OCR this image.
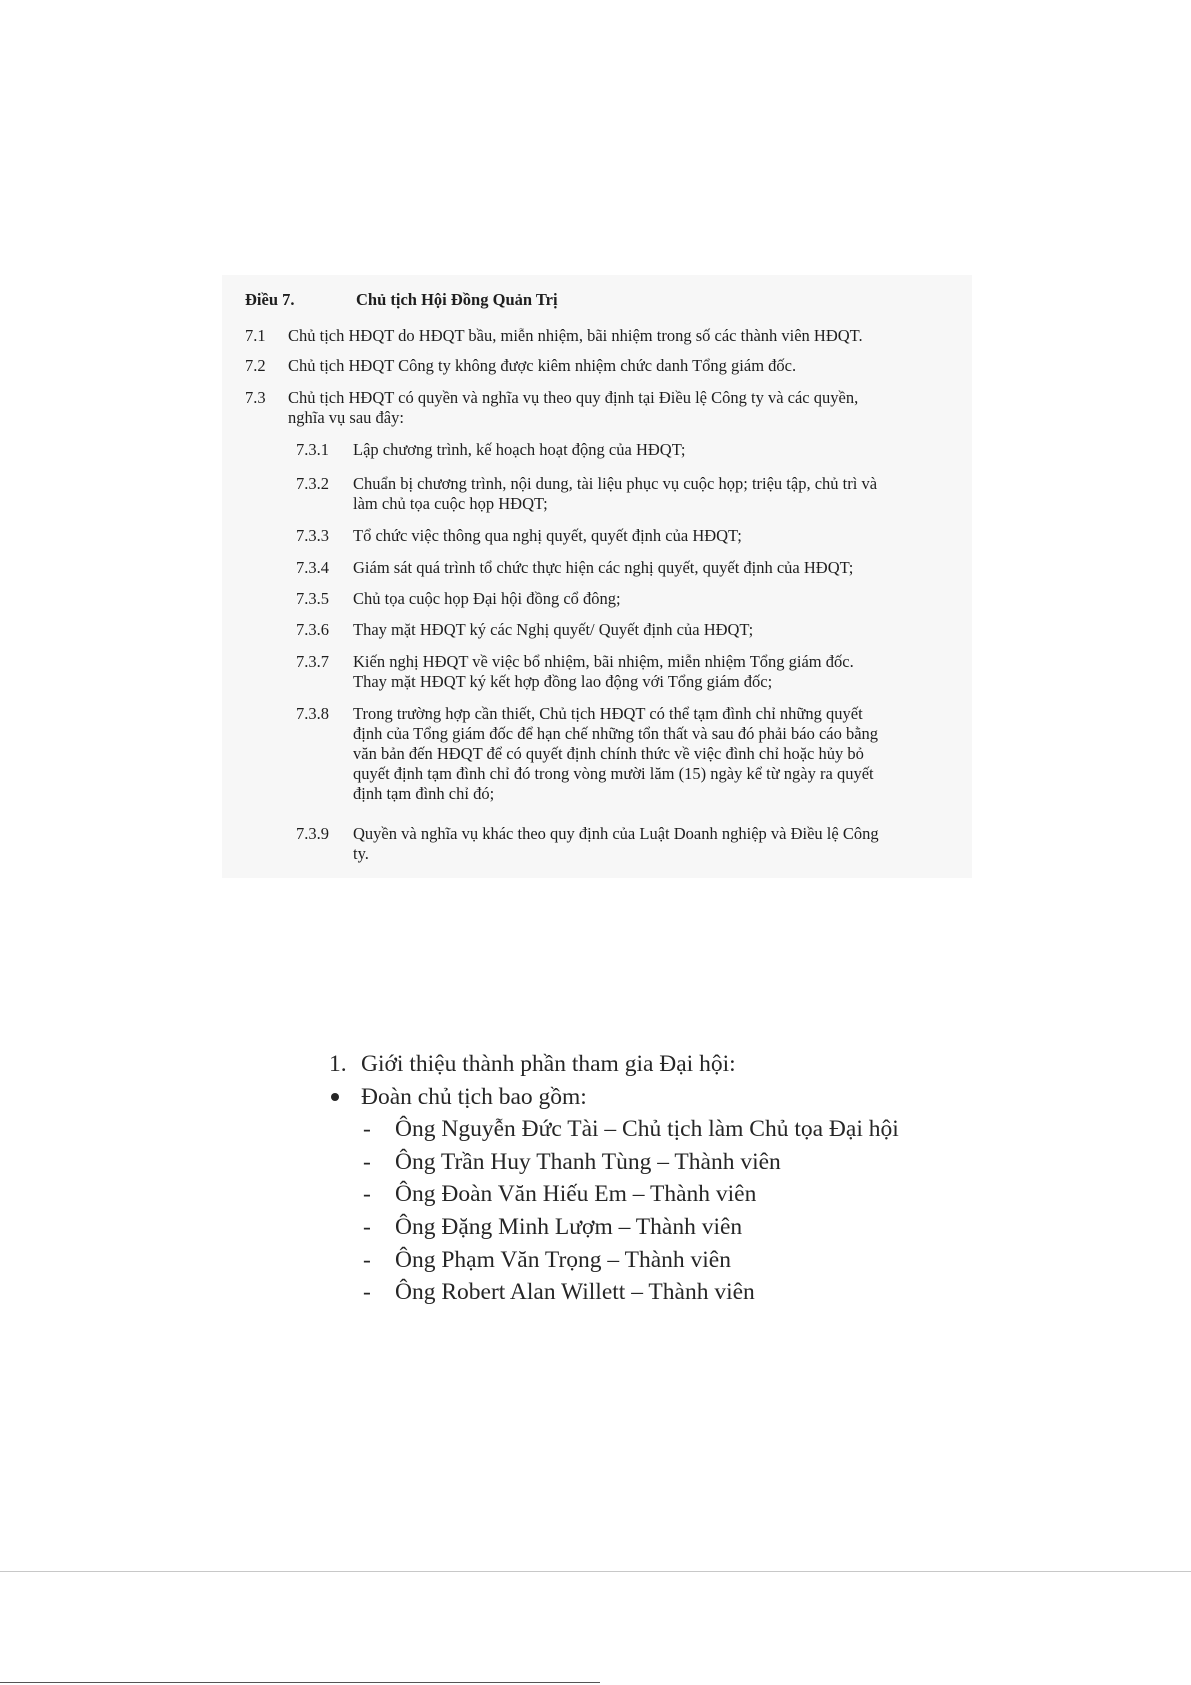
Điều 7.	Chủ tịch Hội Đồng Quản Trị
7.1 Chủ tịch HĐQT do HĐQT bầu, miễn nhiệm, bãi nhiệm trong số các thành viên HĐQT.
7.2 Chủ tịch HĐQT Công ty không được kiêm nhiệm chức danh Tổng giám đốc.
7.3 Chủ tịch HĐQT có quyền và nghĩa vụ theo quy định tại Điều lệ Công ty và các quyền,
nghĩa vụ sau đây:
7.3.1 Lập chương trình, kế hoạch hoạt động của HĐQT;
7.3.2 Chuẩn bị chương trình, nội dung, tài liệu phục vụ cuộc họp; triệu tập, chủ trì và
làm chủ tọa cuộc họp HĐQT;
7.3.3 Tổ chức việc thông qua nghị quyết, quyết định của HĐQT;
7.3.4 Giám sát quá trình tổ chức thực hiện các nghị quyết, quyết định của HĐQT;
7.3.5 Chủ tọa cuộc họp Đại hội đồng cổ đông;
7.3.6 Thay mặt HĐQT ký các Nghị quyết/ Quyết định của HĐQT;
7.3.7 Kiến nghị HĐQT về việc bổ nhiệm, bãi nhiệm, miễn nhiệm Tổng giám đốc.
Thay mặt HĐQT ký kết hợp đồng lao động với Tổng giám đốc;
7.3.8 Trong trường hợp cần thiết, Chủ tịch HĐQT có thể tạm đình chỉ những quyết
định của Tổng giám đốc để hạn chế những tổn thất và sau đó phải báo cáo bằng
văn bản đến HĐQT để có quyết định chính thức về việc đình chỉ hoặc hủy bỏ
quyết định tạm đình chỉ đó trong vòng mười lăm (15) ngày kể từ ngày ra quyết
định tạm đình chỉ đó;
7.3.9 Quyền và nghĩa vụ khác theo quy định của Luật Doanh nghiệp và Điều lệ Công
ty.
1. Giới thiệu thành phần tham gia Đại hội:
Đoàn chủ tịch bao gồm:
- Ông Nguyễn Đức Tài – Chủ tịch làm Chủ tọa Đại hội
- Ông Trần Huy Thanh Tùng – Thành viên
- Ông Đoàn Văn Hiếu Em – Thành viên
- Ông Đặng Minh Lượm – Thành viên
- Ông Phạm Văn Trọng – Thành viên
- Ông Robert Alan Willett – Thành viên
